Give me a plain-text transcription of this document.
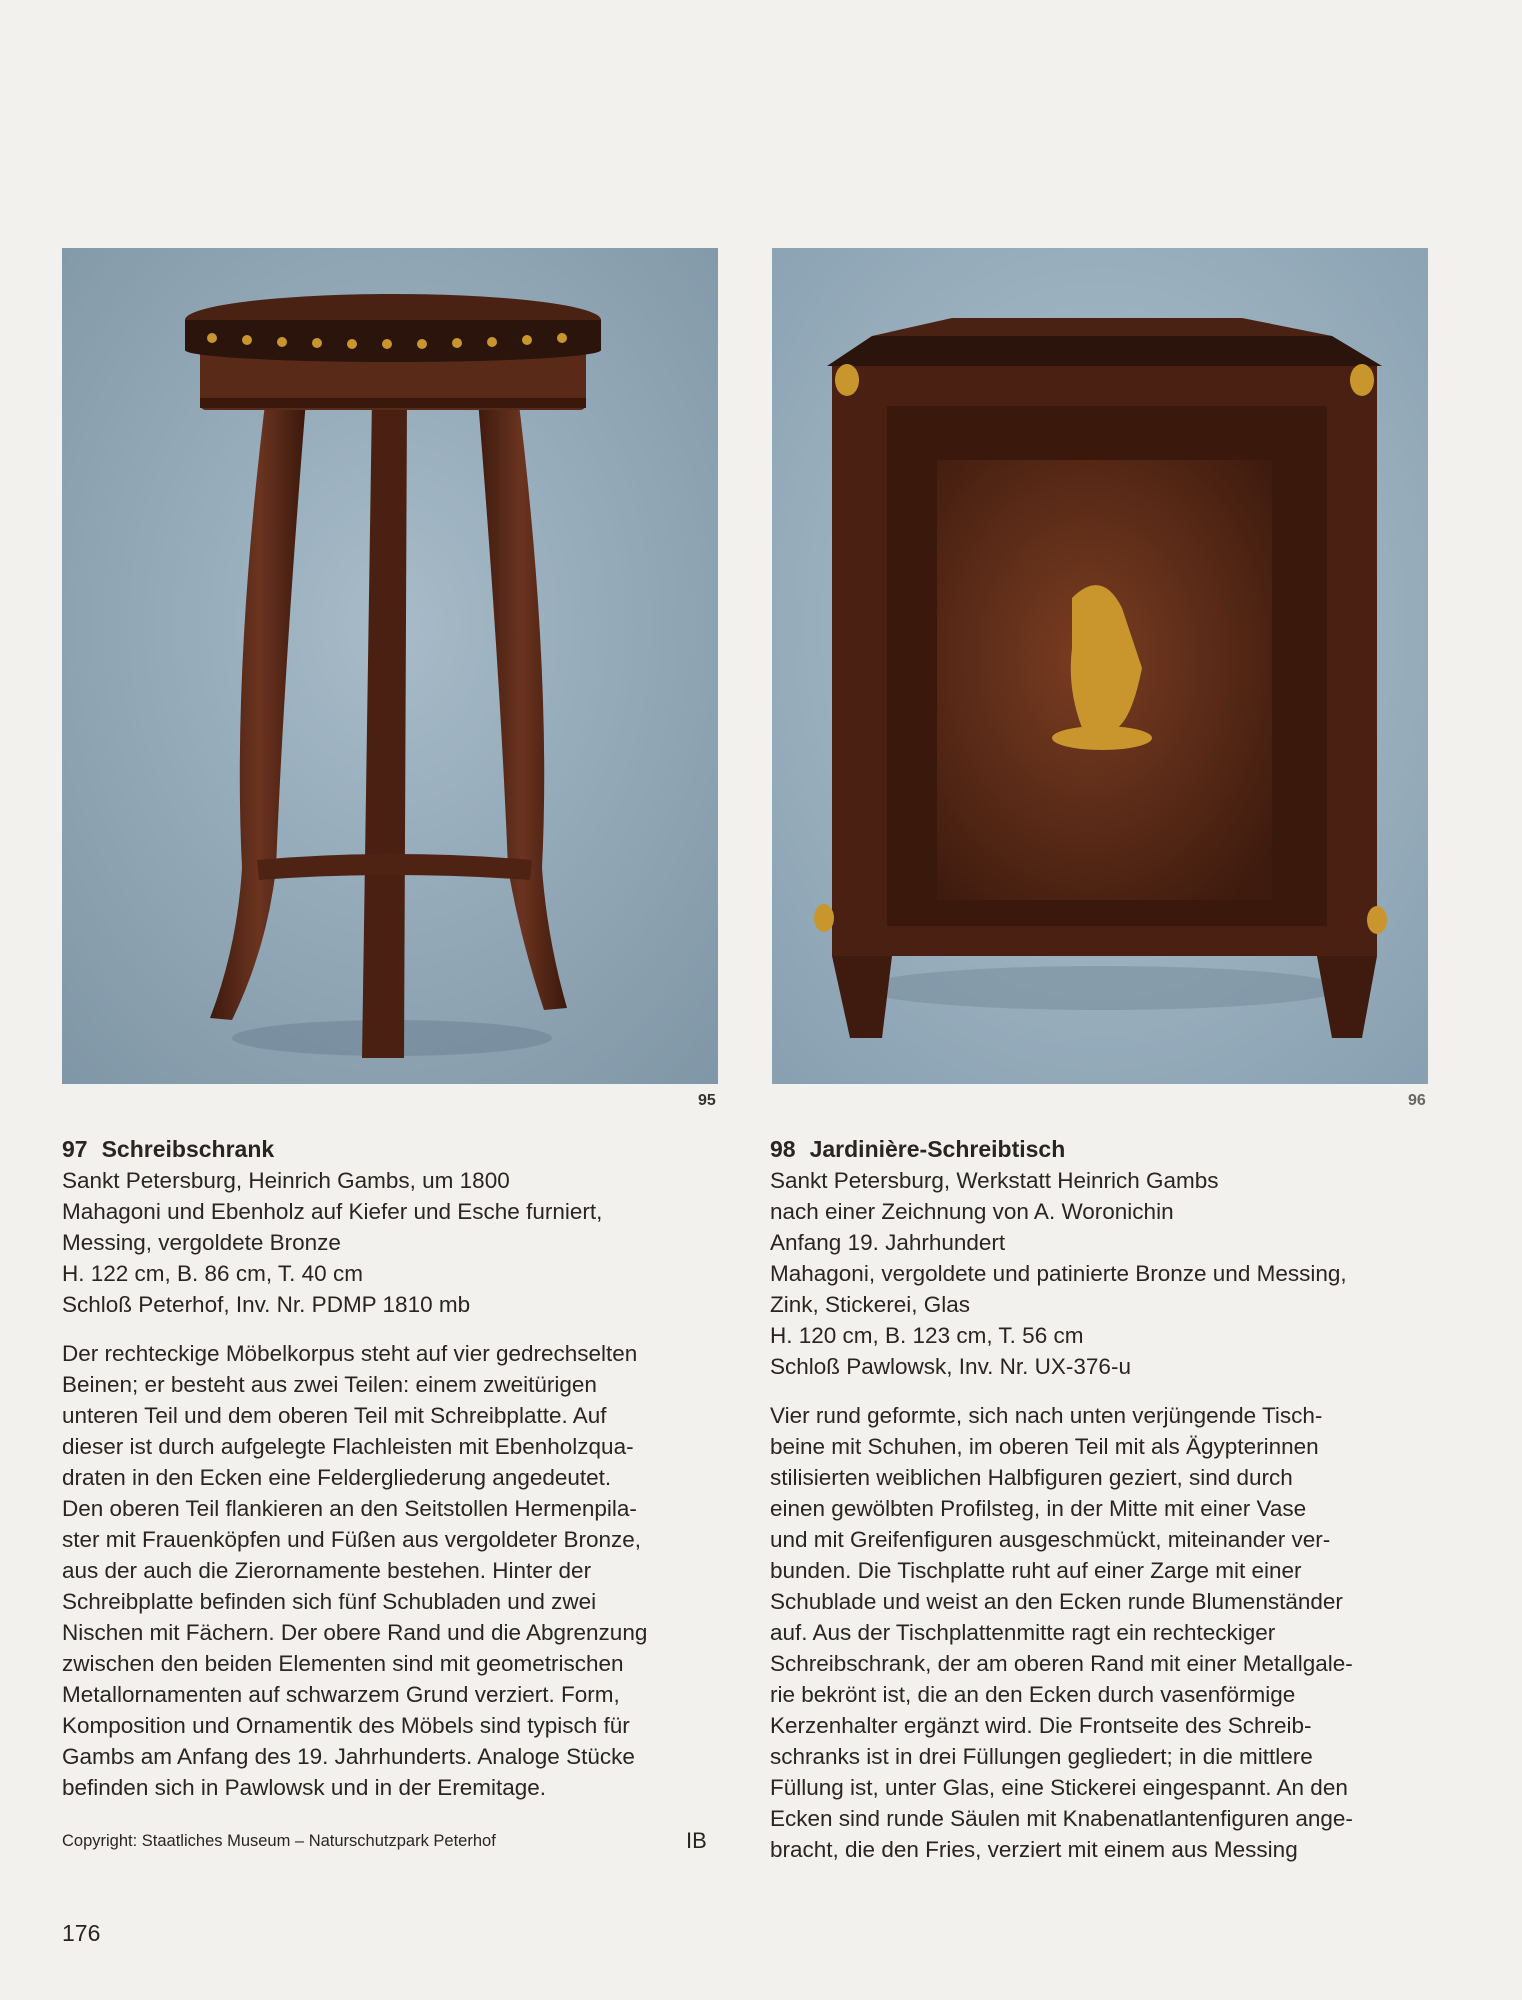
95	96
97 Schreibschrank
Sankt Petersburg, Heinrich Gambs, um 1800
Mahagoni und Ebenholz auf Kiefer und Esche furniert,
Messing, vergoldete Bronze
H. 122 cm, B. 86 cm, T. 40 cm
Schloß Peterhof, Inv. Nr. PDMP 1810 mb
Der rechteckige Möbelkorpus steht auf vier gedrechselten
Beinen; er besteht aus zwei Teilen: einem zweitürigen
unteren Teil und dem oberen Teil mit Schreibplatte. Auf
dieser ist durch aufgelegte Flachleisten mit Ebenholzqua-
draten in den Ecken eine Feldergliederung angedeutet.
Den oberen Teil flankieren an den Seitstollen Hermenpila-
ster mit Frauenköpfen und Füßen aus vergoldeter Bronze,
aus der auch die Zierornamente bestehen. Hinter der
Schreibplatte befinden sich fünf Schubladen und zwei
Nischen mit Fächern. Der obere Rand und die Abgrenzung
zwischen den beiden Elementen sind mit geometrischen
Metallornamenten auf schwarzem Grund verziert. Form,
Komposition und Ornamentik des Möbels sind typisch für
Gambs am Anfang des 19. Jahrhunderts. Analoge Stücke
befinden sich in Pawlowsk und in der Eremitage.
98 Jardinière-Schreibtisch
Sankt Petersburg, Werkstatt Heinrich Gambs
nach einer Zeichnung von A. Woronichin
Anfang 19. Jahrhundert
Mahagoni, vergoldete und patinierte Bronze und Messing,
Zink, Stickerei, Glas
H. 120 cm, B. 123 cm, T. 56 cm
Schloß Pawlowsk, Inv. Nr. UX-376-u
Vier rund geformte, sich nach unten verjüngende Tisch-
beine mit Schuhen, im oberen Teil mit als Ägypterinnen
stilisierten weiblichen Halbfiguren geziert, sind durch
einen gewölbten Profilsteg, in der Mitte mit einer Vase
und mit Greifenfiguren ausgeschmückt, miteinander ver-
bunden. Die Tischplatte ruht auf einer Zarge mit einer
Schublade und weist an den Ecken runde Blumenständer
auf. Aus der Tischplattenmitte ragt ein rechteckiger
Schreibschrank, der am oberen Rand mit einer Metallgale-
rie bekrönt ist, die an den Ecken durch vasenförmige
Kerzenhalter ergänzt wird. Die Frontseite des Schreib-
schranks ist in drei Füllungen gegliedert; in die mittlere
Füllung ist, unter Glas, eine Stickerei eingespannt. An den
Ecken sind runde Säulen mit Knabenatlantenfiguren ange-
bracht, die den Fries, verziert mit einem aus Messing
Copyright: Staatliches Museum – Naturschutzpark Peterhof	IB
176
